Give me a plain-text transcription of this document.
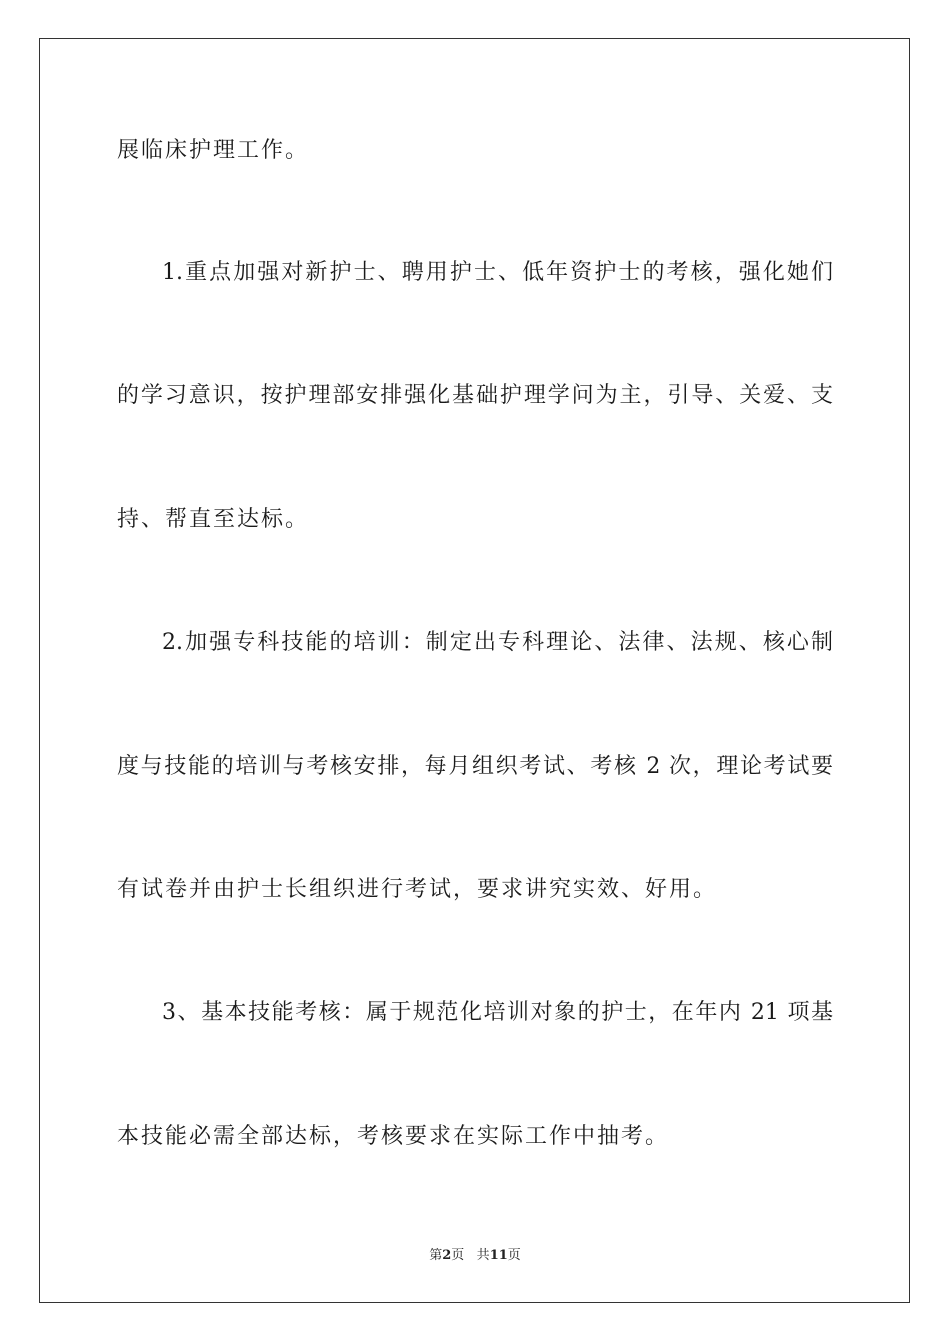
展临床护理工作。
1.重点加强对新护士、聘用护士、低年资护士的考核，强化她们
的学习意识，按护理部安排强化基础护理学问为主，引导、关爱、支
持、帮直至达标。
2.加强专科技能的培训：制定出专科理论、法律、法规、核心制
度与技能的培训与考核安排，每月组织考试、考核 2 次，理论考试要
有试卷并由护士长组织进行考试，要求讲究实效、好用。
3、基本技能考核：属于规范化培训对象的护士，在年内 21 项基
本技能必需全部达标，考核要求在实际工作中抽考。
第2页 共11页
